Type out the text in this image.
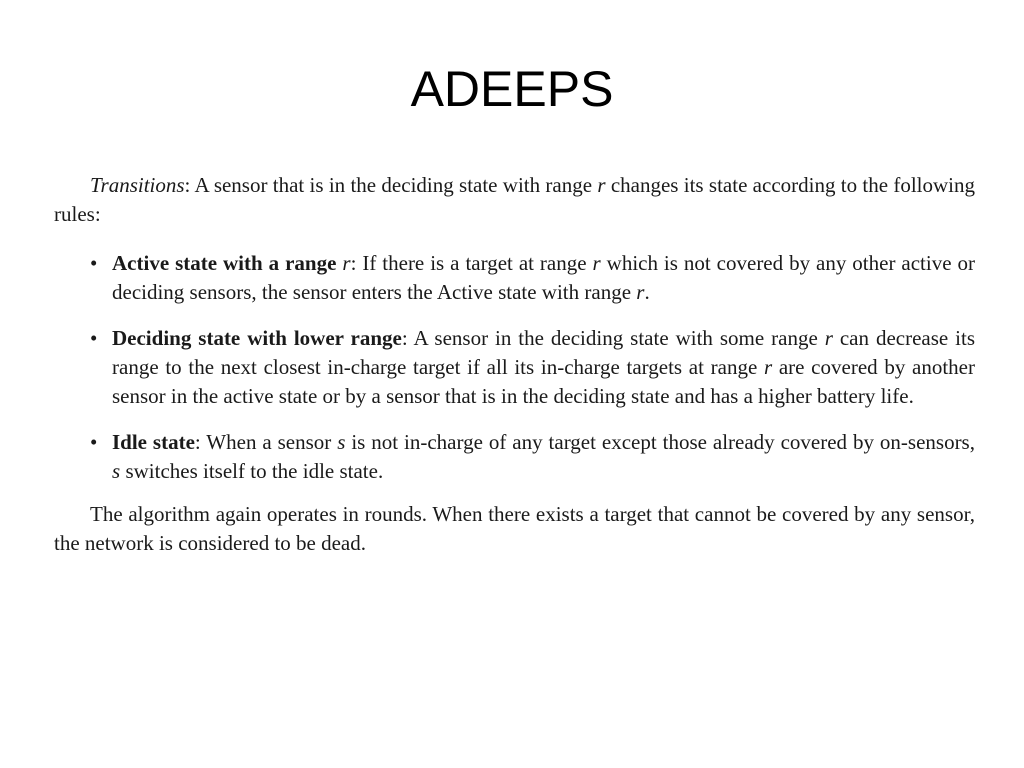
ADEEPS

Transitions: A sensor that is in the deciding state with range r changes its state according to the following rules:

• Active state with a range r: If there is a target at range r which is not covered by any other active or deciding sensors, the sensor enters the Active state with range r.
• Deciding state with lower range: A sensor in the deciding state with some range r can decrease its range to the next closest in-charge target if all its in-charge targets at range r are covered by another sensor in the active state or by a sensor that is in the deciding state and has a higher battery life.
• Idle state: When a sensor s is not in-charge of any target except those already covered by on-sensors, s switches itself to the idle state.

The algorithm again operates in rounds. When there exists a target that cannot be covered by any sensor, the network is considered to be dead.
